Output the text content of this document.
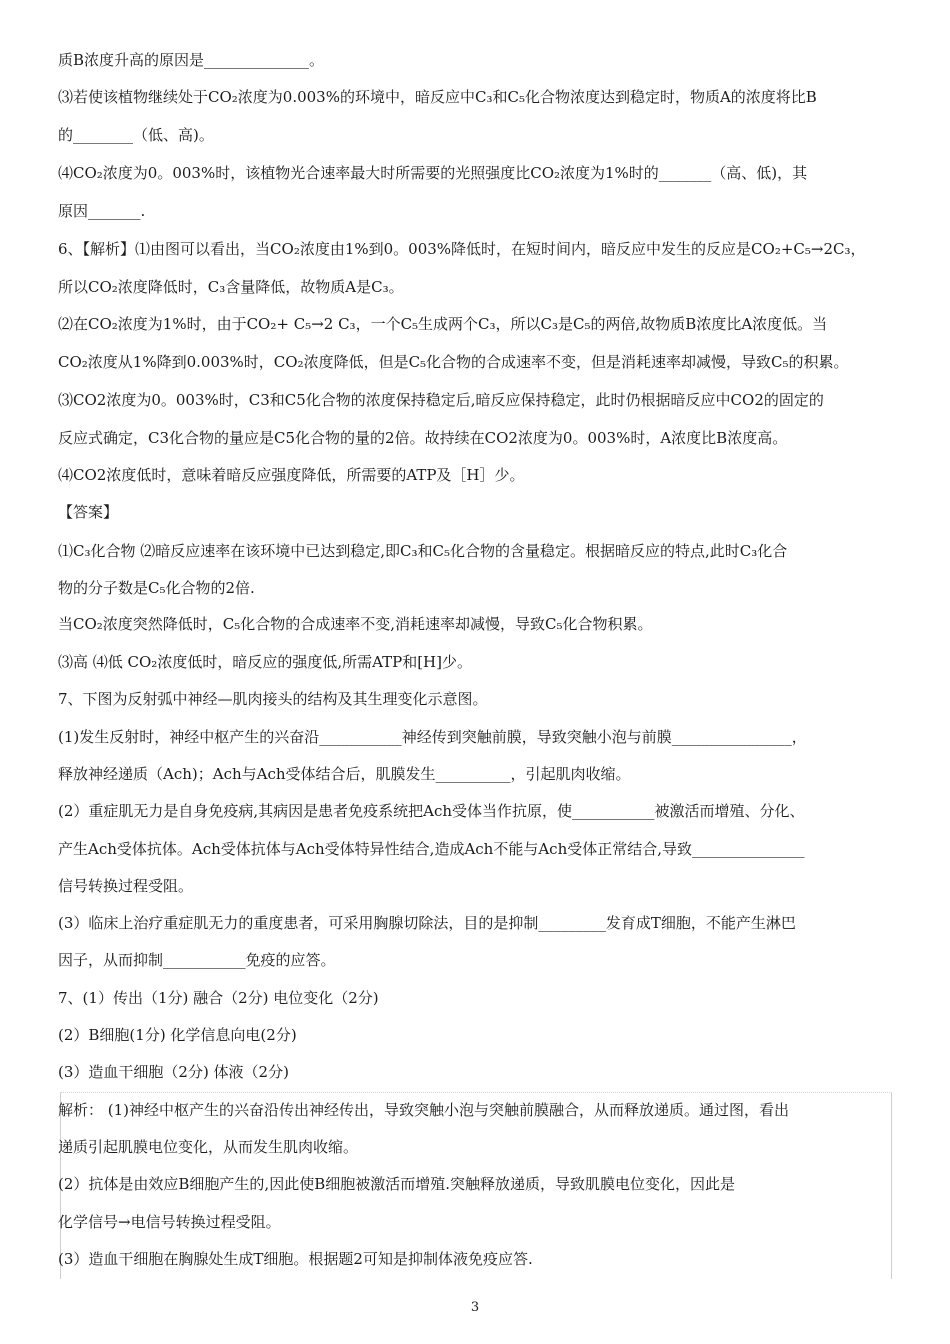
质B浓度升高的原因是______________。
⑶若使该植物继续处于CO₂浓度为0.003%的环境中，暗反应中C₃和C₅化合物浓度达到稳定时，物质A的浓度将比B
的________（低、高)。
⑷CO₂浓度为0。003%时，该植物光合速率最大时所需要的光照强度比CO₂浓度为1%时的_______（高、低)，其
原因_______.
6、【解析】⑴由图可以看出，当CO₂浓度由1%到0。003%降低时，在短时间内，暗反应中发生的反应是CO₂+C₅→2C₃，
所以CO₂浓度降低时，C₃含量降低，故物质A是C₃。
⑵在CO₂浓度为1%时，由于CO₂+ C₅→2 C₃，一个C₅生成两个C₃，所以C₃是C₅的两倍,故物质B浓度比A浓度低。当
CO₂浓度从1%降到0.003%时，CO₂浓度降低，但是C₅化合物的合成速率不变，但是消耗速率却减慢，导致C₅的积累。
⑶CO2浓度为0。003%时，C3和C5化合物的浓度保持稳定后,暗反应保持稳定，此时仍根据暗反应中CO2的固定的
反应式确定，C3化合物的量应是C5化合物的量的2倍。故持续在CO2浓度为0。003%时，A浓度比B浓度高。
⑷CO2浓度低时，意味着暗反应强度降低，所需要的ATP及［H］少。
【答案】
⑴C₃化合物 ⑵暗反应速率在该环境中已达到稳定,即C₃和C₅化合物的含量稳定。根据暗反应的特点,此时C₃化合
物的分子数是C₅化合物的2倍.
当CO₂浓度突然降低时，C₅化合物的合成速率不变,消耗速率却减慢，导致C₅化合物积累。
⑶高 ⑷低 CO₂浓度低时，暗反应的强度低,所需ATP和[H]少。
7、下图为反射弧中神经—肌肉接头的结构及其生理变化示意图。
(1)发生反射时，神经中枢产生的兴奋沿___________神经传到突触前膜，导致突触小泡与前膜________________，
释放神经递质（Ach)；Ach与Ach受体结合后，肌膜发生__________，引起肌肉收缩。
(2）重症肌无力是自身免疫病,其病因是患者免疫系统把Ach受体当作抗原，使___________被激活而增殖、分化、
产生Ach受体抗体。Ach受体抗体与Ach受体特异性结合,造成Ach不能与Ach受体正常结合,导致_______________
信号转换过程受阻。
(3）临床上治疗重症肌无力的重度患者，可采用胸腺切除法，目的是抑制_________发育成T细胞，不能产生淋巴
因子，从而抑制___________免疫的应答。
7、(1）传出（1分) 融合（2分) 电位变化（2分)
(2）B细胞(1分) 化学信息向电(2分)
(3）造血干细胞（2分) 体液（2分)
解析： (1)神经中枢产生的兴奋沿传出神经传出，导致突触小泡与突触前膜融合，从而释放递质。通过图，看出
递质引起肌膜电位变化，从而发生肌肉收缩。
(2）抗体是由效应B细胞产生的,因此使B细胞被激活而增殖.突触释放递质，导致肌膜电位变化，因此是
化学信号→电信号转换过程受阻。
(3）造血干细胞在胸腺处生成T细胞。根据题2可知是抑制体液免疫应答.
3
